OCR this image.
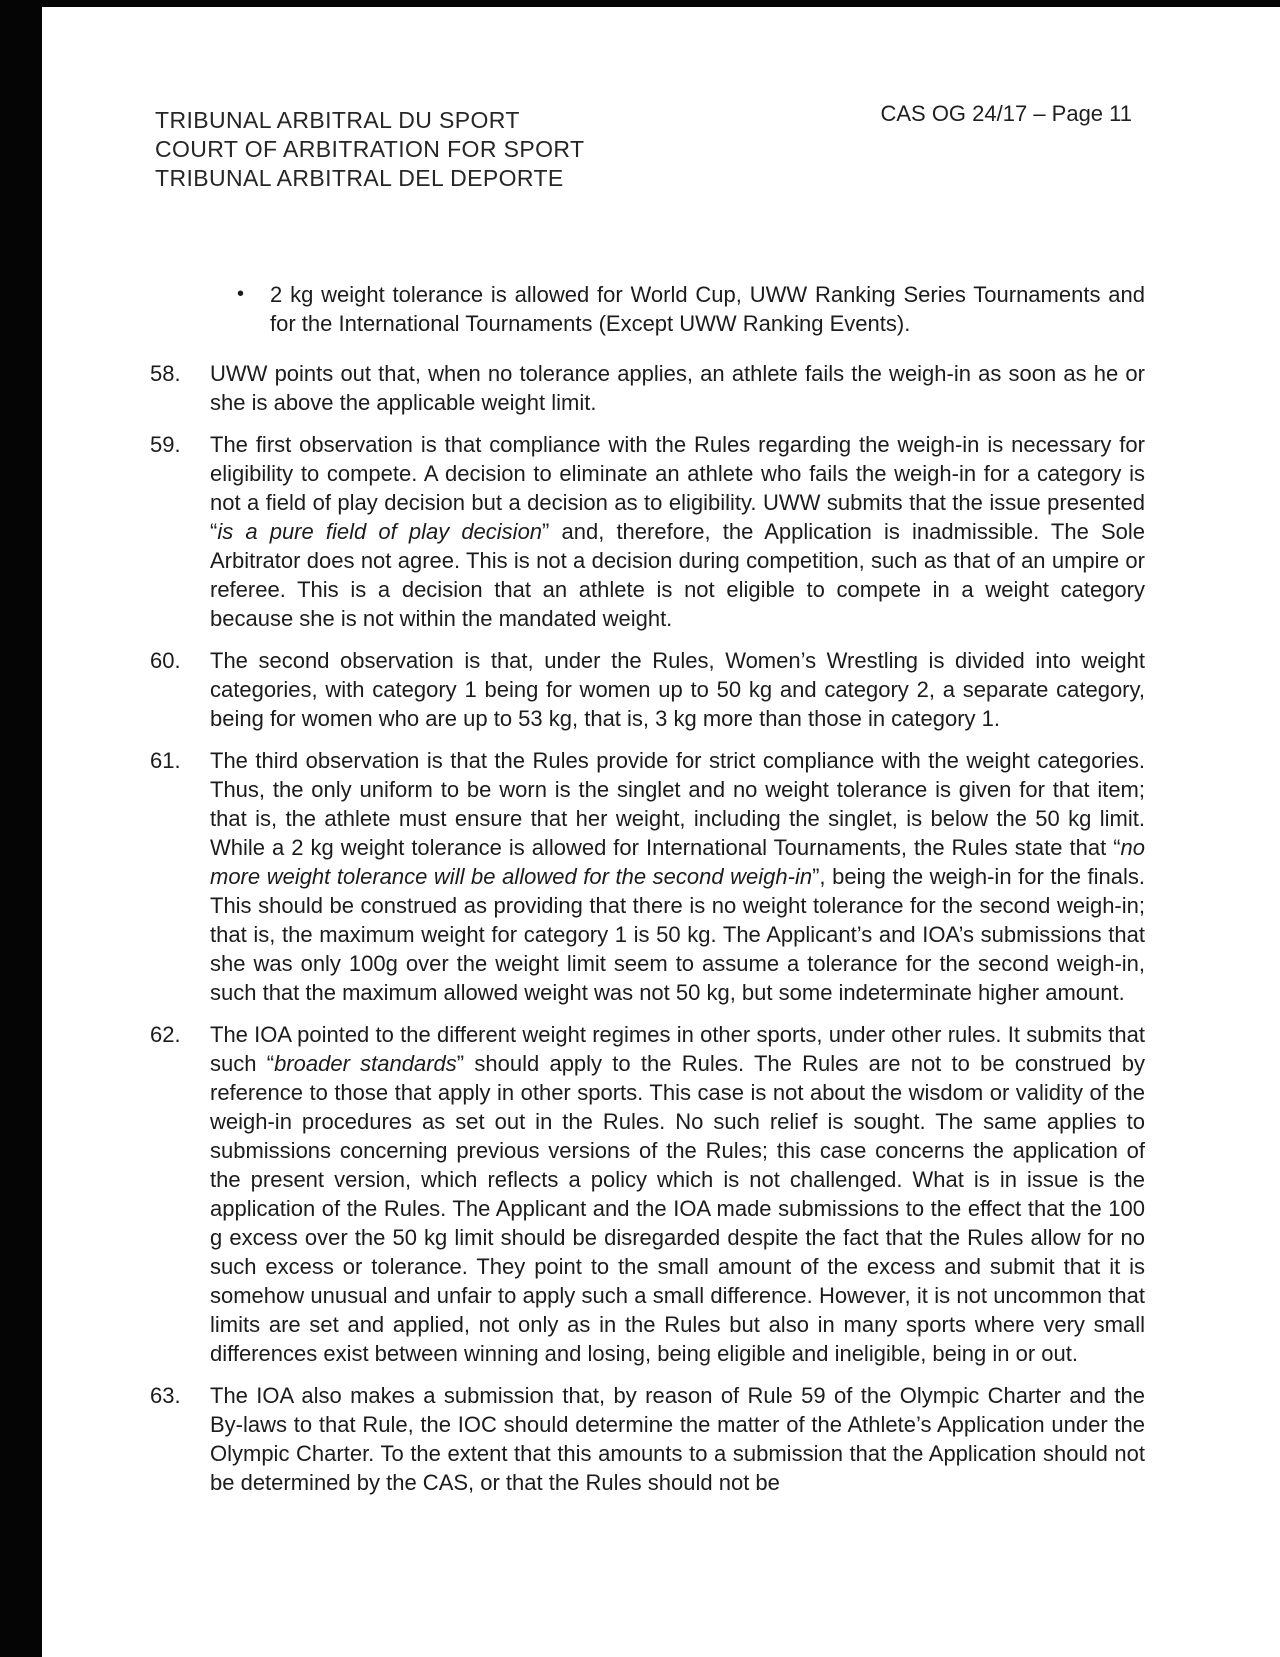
TRIBUNAL ARBITRAL DU SPORT
COURT OF ARBITRATION FOR SPORT
TRIBUNAL ARBITRAL DEL DEPORTE
CAS OG 24/17 – Page 11
•	2 kg weight tolerance is allowed for World Cup, UWW Ranking Series Tournaments and for the International Tournaments (Except UWW Ranking Events).
58.	UWW points out that, when no tolerance applies, an athlete fails the weigh-in as soon as he or she is above the applicable weight limit.
59.	The first observation is that compliance with the Rules regarding the weigh-in is necessary for eligibility to compete. A decision to eliminate an athlete who fails the weigh-in for a category is not a field of play decision but a decision as to eligibility. UWW submits that the issue presented “is a pure field of play decision” and, therefore, the Application is inadmissible. The Sole Arbitrator does not agree. This is not a decision during competition, such as that of an umpire or referee. This is a decision that an athlete is not eligible to compete in a weight category because she is not within the mandated weight.
60.	The second observation is that, under the Rules, Women’s Wrestling is divided into weight categories, with category 1 being for women up to 50 kg and category 2, a separate category, being for women who are up to 53 kg, that is, 3 kg more than those in category 1.
61.	The third observation is that the Rules provide for strict compliance with the weight categories. Thus, the only uniform to be worn is the singlet and no weight tolerance is given for that item; that is, the athlete must ensure that her weight, including the singlet, is below the 50 kg limit. While a 2 kg weight tolerance is allowed for International Tournaments, the Rules state that “no more weight tolerance will be allowed for the second weigh-in”, being the weigh-in for the finals. This should be construed as providing that there is no weight tolerance for the second weigh-in; that is, the maximum weight for category 1 is 50 kg. The Applicant’s and IOA’s submissions that she was only 100g over the weight limit seem to assume a tolerance for the second weigh-in, such that the maximum allowed weight was not 50 kg, but some indeterminate higher amount.
62.	The IOA pointed to the different weight regimes in other sports, under other rules. It submits that such “broader standards” should apply to the Rules. The Rules are not to be construed by reference to those that apply in other sports. This case is not about the wisdom or validity of the weigh-in procedures as set out in the Rules. No such relief is sought. The same applies to submissions concerning previous versions of the Rules; this case concerns the application of the present version, which reflects a policy which is not challenged. What is in issue is the application of the Rules. The Applicant and the IOA made submissions to the effect that the 100 g excess over the 50 kg limit should be disregarded despite the fact that the Rules allow for no such excess or tolerance. They point to the small amount of the excess and submit that it is somehow unusual and unfair to apply such a small difference. However, it is not uncommon that limits are set and applied, not only as in the Rules but also in many sports where very small differences exist between winning and losing, being eligible and ineligible, being in or out.
63.	The IOA also makes a submission that, by reason of Rule 59 of the Olympic Charter and the By-laws to that Rule, the IOC should determine the matter of the Athlete’s Application under the Olympic Charter. To the extent that this amounts to a submission that the Application should not be determined by the CAS, or that the Rules should not be
